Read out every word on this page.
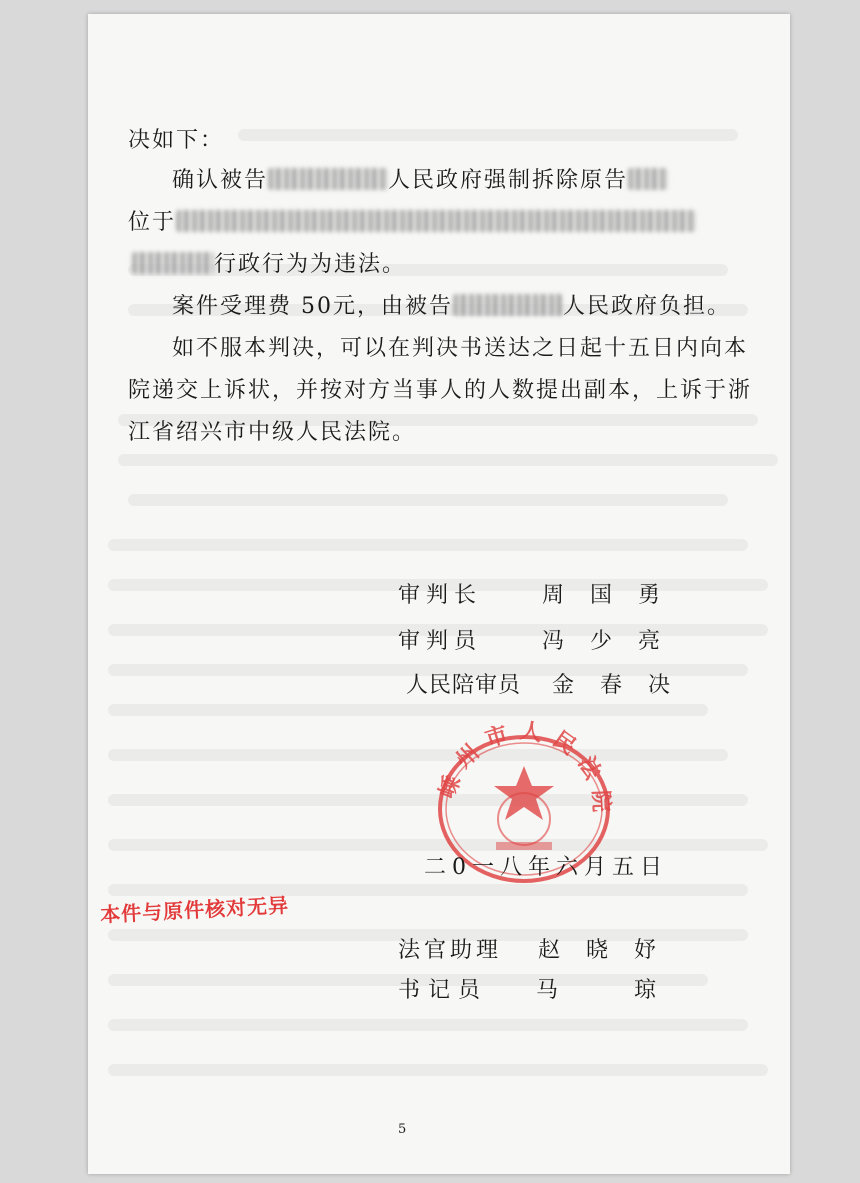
决如下：
确认被告	人民政府强制拆除原告
位于
行政行为为违法。
案件受理费 50元，由被告	人民政府负担。
如不服本判决，可以在判决书送达之日起十五日内向本
院递交上诉状，并按对方当事人的人数提出副本，上诉于浙
江省绍兴市中级人民法院。
审判长	周国勇
审判员	冯少亮
人民陪审员 金春决
嵊州市人民法院
二0一八年六月五日
本件与原件核对无异
法官助理 赵晓妤
书记员 马琼
5
